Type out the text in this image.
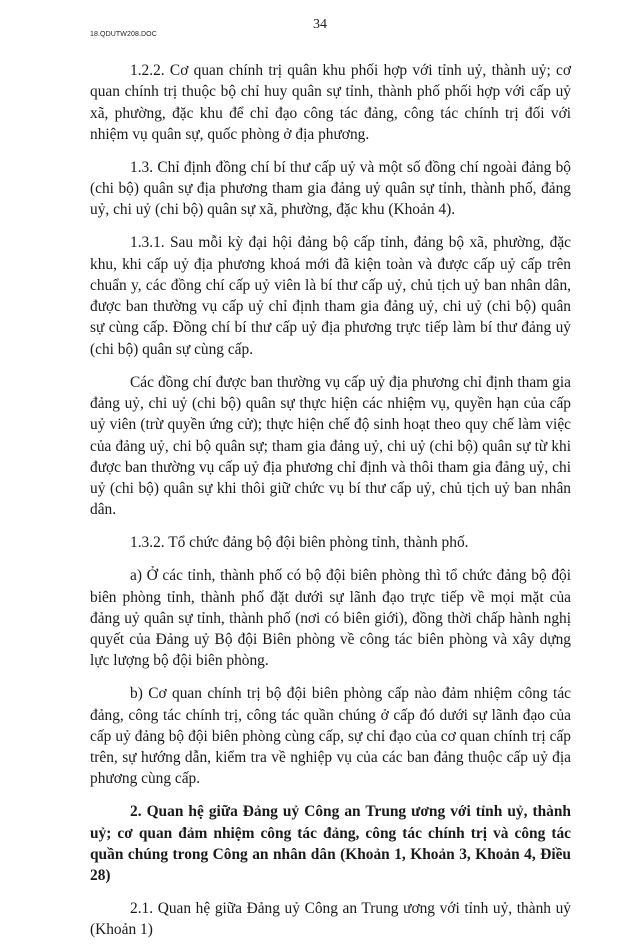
18.QDUTW208.DOC
34

1.2.2. Cơ quan chính trị quân khu phối hợp với tỉnh uỷ, thành uỷ; cơ quan chính trị thuộc bộ chỉ huy quân sự tỉnh, thành phố phối hợp với cấp uỷ xã, phường, đặc khu để chỉ đạo công tác đảng, công tác chính trị đối với nhiệm vụ quân sự, quốc phòng ở địa phương.

1.3. Chỉ định đồng chí bí thư cấp uỷ và một số đồng chí ngoài đảng bộ (chi bộ) quân sự địa phương tham gia đảng uỷ quân sự tỉnh, thành phố, đảng uỷ, chi uỷ (chi bộ) quân sự xã, phường, đặc khu (Khoản 4).

1.3.1. Sau mỗi kỳ đại hội đảng bộ cấp tỉnh, đảng bộ xã, phường, đặc khu, khi cấp uỷ địa phương khoá mới đã kiện toàn và được cấp uỷ cấp trên chuẩn y, các đồng chí cấp uỷ viên là bí thư cấp uỷ, chủ tịch uỷ ban nhân dân, được ban thường vụ cấp uỷ chỉ định tham gia đảng uỷ, chi uỷ (chi bộ) quân sự cùng cấp. Đồng chí bí thư cấp uỷ địa phương trực tiếp làm bí thư đảng uỷ (chi bộ) quân sự cùng cấp.

Các đồng chí được ban thường vụ cấp uỷ địa phương chỉ định tham gia đảng uỷ, chi uỷ (chi bộ) quân sự thực hiện các nhiệm vụ, quyền hạn của cấp uỷ viên (trừ quyền ứng cử); thực hiện chế độ sinh hoạt theo quy chế làm việc của đảng uỷ, chi bộ quân sự; tham gia đảng uỷ, chi uỷ (chi bộ) quân sự từ khi được ban thường vụ cấp uỷ địa phương chỉ định và thôi tham gia đảng uỷ, chi uỷ (chi bộ) quân sự khi thôi giữ chức vụ bí thư cấp uỷ, chủ tịch uỷ ban nhân dân.

1.3.2. Tổ chức đảng bộ đội biên phòng tỉnh, thành phố.

a) Ở các tỉnh, thành phố có bộ đội biên phòng thì tổ chức đảng bộ đội biên phòng tỉnh, thành phố đặt dưới sự lãnh đạo trực tiếp về mọi mặt của đảng uỷ quân sự tỉnh, thành phố (nơi có biên giới), đồng thời chấp hành nghị quyết của Đảng uỷ Bộ đội Biên phòng về công tác biên phòng và xây dựng lực lượng bộ đội biên phòng.

b) Cơ quan chính trị bộ đội biên phòng cấp nào đảm nhiệm công tác đảng, công tác chính trị, công tác quần chúng ở cấp đó dưới sự lãnh đạo của cấp uỷ đảng bộ đội biên phòng cùng cấp, sự chỉ đạo của cơ quan chính trị cấp trên, sự hướng dẫn, kiểm tra về nghiệp vụ của các ban đảng thuộc cấp uỷ địa phương cùng cấp.

2. Quan hệ giữa Đảng uỷ Công an Trung ương với tỉnh uỷ, thành uỷ; cơ quan đảm nhiệm công tác đảng, công tác chính trị và công tác quần chúng trong Công an nhân dân (Khoản 1, Khoản 3, Khoản 4, Điều 28)

2.1. Quan hệ giữa Đảng uỷ Công an Trung ương với tỉnh uỷ, thành uỷ (Khoản 1)
